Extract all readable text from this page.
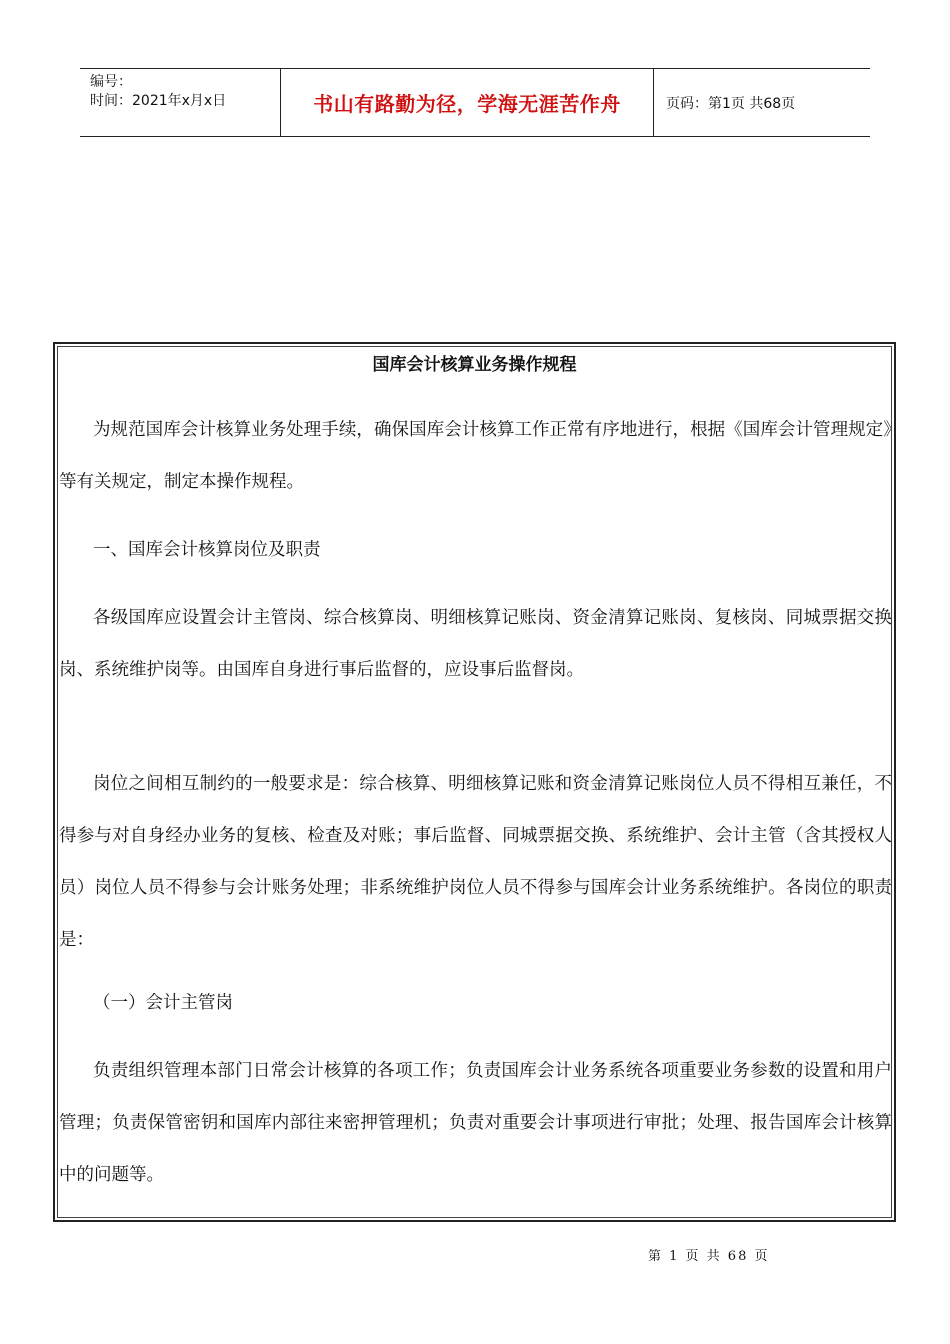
编号：
时间：2021年x月x日	书山有路勤为径，学海无涯苦作舟	页码：第1页 共68页
国库会计核算业务操作规程

为规范国库会计核算业务处理手续，确保国库会计核算工作正常有序地进行，根据《国库会计管理规定》等有关规定，制定本操作规程。

一、国库会计核算岗位及职责

各级国库应设置会计主管岗、综合核算岗、明细核算记账岗、资金清算记账岗、复核岗、同城票据交换岗、系统维护岗等。由国库自身进行事后监督的，应设事后监督岗。

岗位之间相互制约的一般要求是：综合核算、明细核算记账和资金清算记账岗位人员不得相互兼任，不得参与对自身经办业务的复核、检查及对账；事后监督、同城票据交换、系统维护、会计主管（含其授权人员）岗位人员不得参与会计账务处理；非系统维护岗位人员不得参与国库会计业务系统维护。各岗位的职责是：

（一）会计主管岗

负责组织管理本部门日常会计核算的各项工作；负责国库会计业务系统各项重要业务参数的设置和用户管理；负责保管密钥和国库内部往来密押管理机；负责对重要会计事项进行审批；处理、报告国库会计核算中的问题等。

第 1 页 共 68 页
